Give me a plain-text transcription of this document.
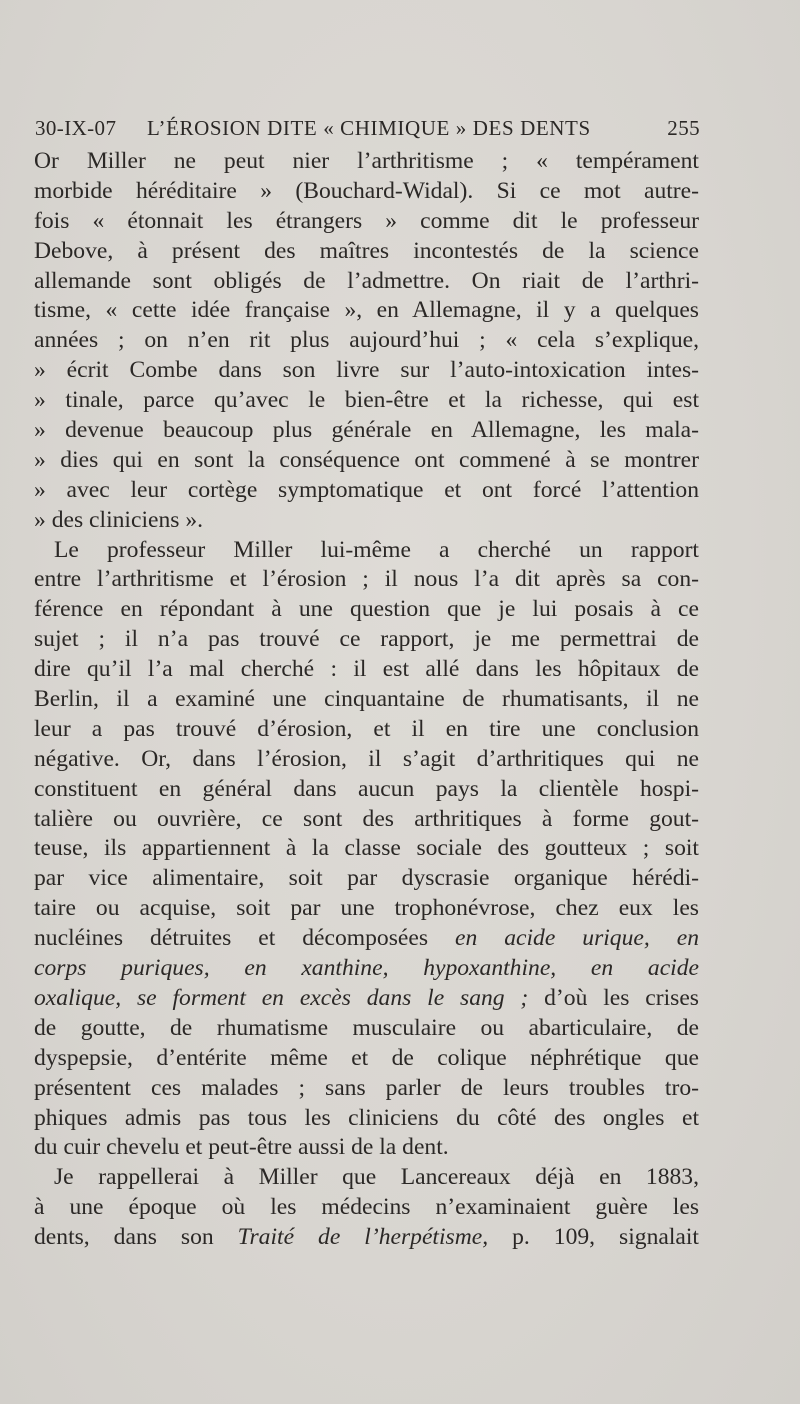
30-IX-07 L’ÉROSION DITE « CHIMIQUE » DES DENTS	255
Or Miller ne peut nier l’arthritisme ; « tempérament
morbide héréditaire » (Bouchard-Widal). Si ce mot autre-
fois « étonnait les étrangers » comme dit le professeur
Debove, à présent des maîtres incontestés de la science
allemande sont obligés de l’admettre. On riait de l’arthri-
tisme, « cette idée française », en Allemagne, il y a quelques
années ; on n’en rit plus aujourd’hui ; « cela s’explique,
» écrit Combe dans son livre sur l’auto-intoxication intes-
» tinale, parce qu’avec le bien-être et la richesse, qui est
» devenue beaucoup plus générale en Allemagne, les mala-
» dies qui en sont la conséquence ont commené à se montrer
» avec leur cortège symptomatique et ont forcé l’attention
» des cliniciens ».
Le professeur Miller lui-même a cherché un rapport
entre l’arthritisme et l’érosion ; il nous l’a dit après sa con-
férence en répondant à une question que je lui posais à ce
sujet ; il n’a pas trouvé ce rapport, je me permettrai de
dire qu’il l’a mal cherché : il est allé dans les hôpitaux de
Berlin, il a examiné une cinquantaine de rhumatisants, il ne
leur a pas trouvé d’érosion, et il en tire une conclusion
négative. Or, dans l’érosion, il s’agit d’arthritiques qui ne
constituent en général dans aucun pays la clientèle hospi-
talière ou ouvrière, ce sont des arthritiques à forme gout-
teuse, ils appartiennent à la classe sociale des goutteux ; soit
par vice alimentaire, soit par dyscrasie organique hérédi-
taire ou acquise, soit par une trophonévrose, chez eux les
nucléines détruites et décomposées en acide urique, en
corps puriques, en xanthine, hypoxanthine, en acide
oxalique, se forment en excès dans le sang ; d’où les crises
de goutte, de rhumatisme musculaire ou abarticulaire, de
dyspepsie, d’entérite même et de colique néphrétique que
présentent ces malades ; sans parler de leurs troubles tro-
phiques admis pas tous les cliniciens du côté des ongles et
du cuir chevelu et peut-être aussi de la dent.
Je rappellerai à Miller que Lancereaux déjà en 1883,
à une époque où les médecins n’examinaient guère les
dents, dans son Traité de l’herpétisme, p. 109, signalait
